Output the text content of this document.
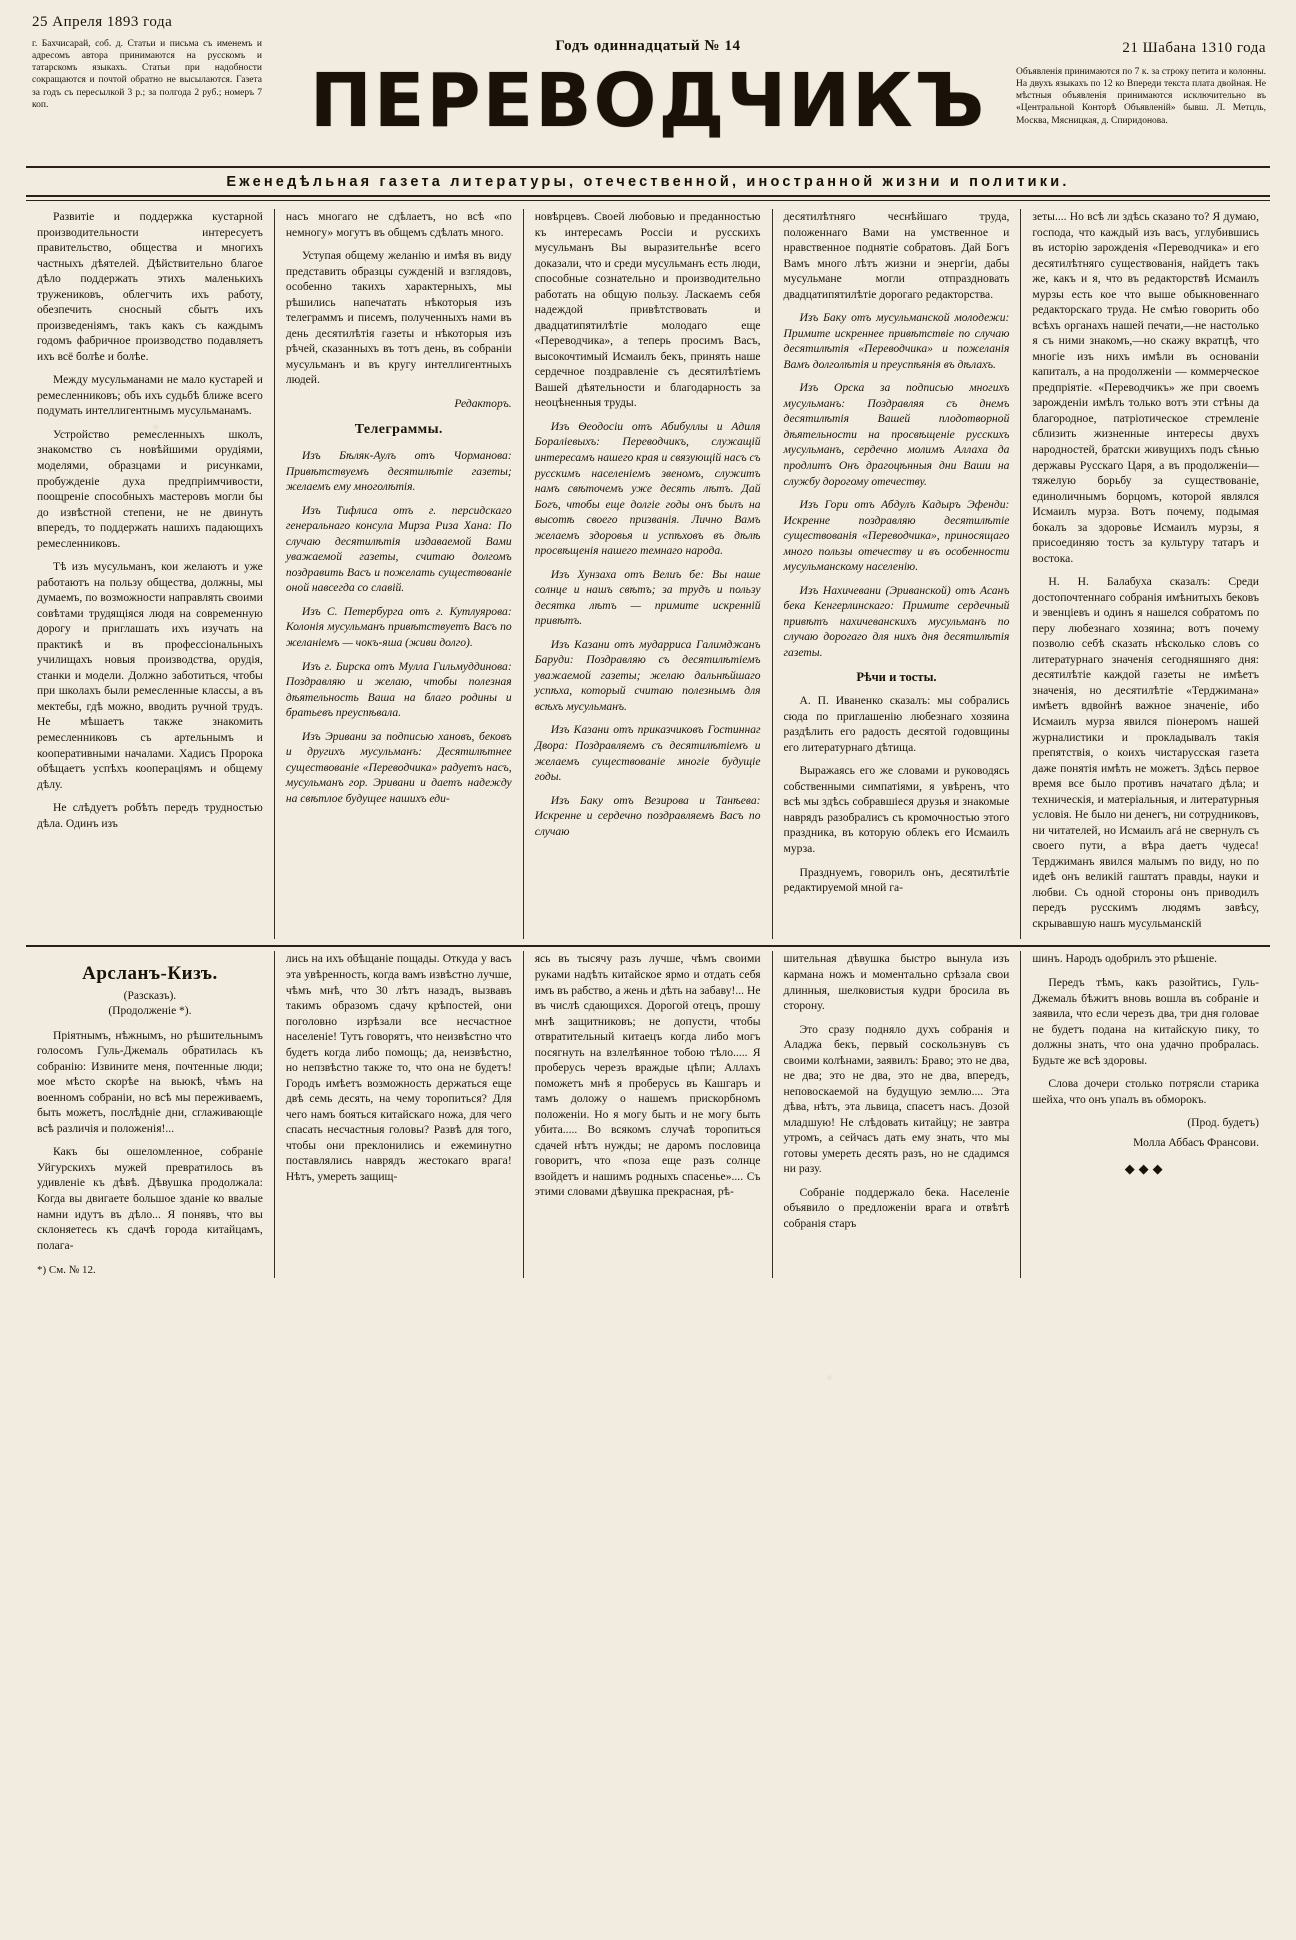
25 Апреля 1893 года
Годъ одиннадцатый № 14	21 Шабана 1310 года
г. Бахчисарай, соб. д. Статьи и письма съ именемъ и адресомъ автора принимаются на русскомъ и татарскомъ языкахъ. Статьи при надобности сокращаются и почтой обратно не высылаются. Газета за годъ съ пересылкой 3 р.; за полгода 2 руб.; номеръ 7 коп.
Объявленія принимаются по 7 к. за строку петита и колонны. На двухъ языкахъ по 12 ко Впереди текста плата двойная. Не мѣстныя объявленія принимаются исключительно въ «Центральной Конторѣ Объявленій» бывш. Л. Метцль, Москва, Мясницкая, д. Спиридонова.
ПЕРЕВОДЧИКЪ
Еженедѣльная газета литературы, отечественной, иностранной жизни и политики.

Развитіе и поддержка кустарной производительности интересуетъ правительство, общества и многихъ частныхъ дѣятелей. Дѣйствительно благое дѣло поддержать этихъ маленькихъ тружениковъ, облегчить ихъ работу, обезпечить сносный сбытъ ихъ произведеніямъ, такъ какъ съ каждымъ годомъ фабричное производство подавляетъ ихъ всё болѣе и болѣе.

Между мусульманами не мало кустарей и ремесленниковъ; объ ихъ судьбѣ ближе всего подумать интеллигентнымъ мусульманамъ.

Устройство ремесленныхъ школъ, знакомство съ новѣйшими орудіями, моделями, образцами и рисунками, пробужденіе духа предпріимчивости, поощреніе способныхъ мастеровъ могли бы до извѣстной степени, не не двинуть впередъ, то поддержать нашихъ падающихъ ремесленниковъ.

Тѣ изъ мусульманъ, кои желаютъ и уже работаютъ на пользу общества, должны, мы думаемъ, по возможности направлять своими совѣтами трудящіяся людя на современную дорогу и приглашать ихъ изучать на практикѣ и въ профессіональныхъ училищахъ новыя производства, орудія, станки и модели. Должно заботиться, чтобы при школахъ были ремесленные классы, а въ мектебы, гдѣ можно, вводить ручной трудъ. Не мѣшаетъ также знакомить ремесленниковъ съ артельнымъ и кооперативными началами. Хадисъ Пророка обѣщаетъ успѣхъ коопераціямъ и общему дѣлу.

Не слѣдуетъ робѣть передъ трудностью дѣла. Одинъ изъ

насъ многаго не сдѣлаетъ, но всѣ «по немногу» могутъ въ общемъ сдѣлать много.

Уступая общему желанію и имѣя въ виду представить образцы сужденій и взглядовъ, особенно такихъ характерныхъ, мы рѣшились напечатать нѣкоторыя изъ телеграммъ и писемъ, полученныхъ нами въ день десятилѣтія газеты и нѣкоторыя изъ рѣчей, сказанныхъ въ тотъ день, въ собраніи мусульманъ и въ кругу интеллигентныхъ людей.

Редакторъ.
Телеграммы.

Изъ Бѣляк-Аулъ отъ Чорманова: Привѣтствуемъ десятилѣтіе газеты; желаемъ ему многолѣтія.

Изъ Тифлиса отъ г. персидскаго генеральнаго консула Мирза Риза Хана: По случаю десятилѣтія издаваемой Вами уважаемой газеты, считаю долгомъ поздравить Васъ и пожелать существованіе оной навсегда со славій.

Изъ С. Петербурга отъ г. Кутлуярова: Колонія мусульманъ привѣтствуетъ Васъ по желаніемъ — чокъ-яша (живи долго).

Изъ г. Бирска отъ Мулла Гильмуддинова: Поздравляю и желаю, чтобы полезная дѣятельность Ваша на благо родины и братьевъ преуспѣвала.

Изъ Эривани за подписью хановъ, бековъ и другихъ мусульманъ: Десятилѣтнее существованіе «Переводчика» радуетъ насъ, мусульманъ гор. Эривани и даетъ надежду на свѣтлое будущее нашихъ еди-

новѣрцевъ. Своей любовью и преданностью къ интересамъ Россіи и русскихъ мусульманъ Вы выразительнѣе всего доказали, что и среди мусульманъ есть люди, способные сознательно и производительно работать на общую пользу. Ласкаемъ себя надеждой привѣтствовать и двадцатипятилѣтіе молодаго еще «Переводчика», а теперь просимъ Васъ, высокочтимый Исмаилъ бекъ, принять наше сердечное поздравленіе съ десятилѣтіемъ Вашей дѣятельности и благодарность за неоцѣненныя труды.

Изъ Ѳеодосіи отъ Абибуллы и Адиля Боралiевыхъ: Переводчикъ, служащій интересамъ нашего края и связующій насъ съ русскимъ населеніемъ звеномъ, служитъ намъ свѣточемъ уже десять лѣтъ. Дай Богъ, чтобы еще долгіе годы онъ былъ на высотѣ своего призванія. Лично Вамъ желаемъ здоровья и успѣховъ въ дѣлѣ просвѣщенія нашего темнаго народа.

Изъ Хунзаха отъ Велиъ бе: Вы наше солнце и нашъ свѣтъ; за трудъ и пользу десятка лѣтъ — примите искренній привѣтъ.

Изъ Казани отъ мударриса Галимджанъ Баруди: Поздравляю съ десятилѣтіемъ уважаемой газеты; желаю дальнѣйшаго успѣха, который считаю полезнымъ для всѣхъ мусульманъ.

Изъ Казани отъ приказчиковъ Гостиннаг Двора: Поздравляемъ съ десятилѣтіемъ и желаемъ существованіе многіе будущіе годы.

Изъ Баку отъ Везирова и Танѣева: Искренне и сердечно поздравляемъ Васъ по случаю

десятилѣтняго чеснѣйшаго труда, положеннаго Вами на умственное и нравственное поднятіе собратовъ. Дай Богъ Вамъ много лѣтъ жизни и энергіи, дабы мусульмане могли отпраздновать двадцатипятилѣтіе дорогаго редакторства.

Изъ Баку отъ мусульманской молодежи: Примите искреннее привѣтствіе по случаю десятилѣтія «Переводчика» и пожеланія Вамъ долголѣтія и преуспѣянія въ дѣлахъ.

Изъ Орска за подписью многихъ мусульманъ: Поздравляя съ днемъ десятилѣтія Вашей плодотворной дѣятельности на просвѣщеніе русскихъ мусульманъ, сердечно молимъ Аллаха да продлитъ Онъ драгоцѣнныя дни Ваши на службу дорогому отечеству.

Изъ Гори отъ Абдулъ Кадыръ Эфенди: Искренне поздравляю десятилѣтіе существованія «Переводчика», приносящаго много пользы отечеству и въ особенности мусульманскому населенію.

Изъ Нахичевани (Эриванской) отъ Асанъ бека Кенгерлинскаго: Примите сердечный привѣтъ нахичеванскихъ мусульманъ по случаю дорогаго для нихъ дня десятилѣтія газеты.

Рѣчи и тосты.

А. П. Иваненко сказалъ: мы собрались сюда по приглашенію любезнаго хозяина раздѣлить его радость десятой годовщины его литературнаго дѣтища.

Выражаясь его же словами и руководясь собственными симпатіями, я увѣренъ, что всѣ мы здѣсь собравшіеся друзья и знакомые наврядъ разобралисъ съ кромочностью этого праздника, въ которую облекъ его Исмаилъ мурза.

Празднуемъ, говорилъ онъ, десятилѣтіе редактируемой мной га-

зеты.... Но всѣ ли здѣсь сказано то? Я думаю, господа, что каждый изъ васъ, углубившись въ исторію зарожденія «Переводчика» и его десятилѣтняго существованія, найдетъ такъ же, какъ и я, что въ редакторствѣ Исмаилъ мурзы есть кое что выше обыкновеннаго редакторскаго труда. Не смѣю говорить обо всѣхъ органахъ нашей печати,—не настолько я съ ними знакомъ,—но скажу вкратцѣ, что многіе изъ нихъ имѣли въ основаніи капиталъ, а на продолженіи — коммерческое предпріятіе. «Переводчикъ» же при своемъ зарожденіи имѣлъ только вотъ эти стѣны да благородное, патріотическое стремленіе сблизить жизненные интересы двухъ народностей, братски живущихъ подъ сѣнью державы Русскаго Царя, а въ продолженіи—тяжелую борьбу за существованіе, единоличнымъ борцомъ, которой являлся Исмаилъ мурза. Вотъ почему, подымая бокалъ за здоровье Исмаилъ мурзы, я присоединяю тостъ за культуру татаръ и востока.

Н. Н. Балабуха сказалъ: Среди достопочтеннаго собранія имѣнитыхъ бековъ и эвенціевъ и одинъ я нашелся собратомъ по перу любезнаго хозяина; вотъ почему позволю себѣ сказать нѣсколько словъ со литературнаго значенія сегодняшняго дня: десятилѣтіе каждой газеты не имѣетъ значенія, но десятилѣтіе «Терджимана» имѣетъ вдвойнѣ важное значеніе, ибо Исмаилъ мурза явился піонеромъ нашей журналистики и прокладывалъ такія препятствія, о коихъ чистарусская газета даже понятія имѣть не можетъ. Здѣсь первое время все было противъ начатаго дѣла; и техническія, и матеріальныя, и литературныя условія. Не было ни денегъ, ни сотрудниковъ, ни читателей, но Исмаилъ агá не свернулъ съ своего пути, а вѣра даетъ чудеса! Терджиманъ явился малымъ по виду, но по идеѣ онъ великій гаштатъ правды, науки и любви. Съ одной стороны онъ приводилъ передъ русскимъ людямъ завѣсу, скрывавшую нашъ мусульманскій

Арсланъ-Кизъ.
(Разсказъ).
(Продолженіе *).

Пріятнымъ, нѣжнымъ, но рѣшительнымъ голосомъ Гуль-Джемаль обратилась къ собранію: Извините меня, почтенные люди; мое мѣсто скорѣе на вьюкѣ, чѣмъ на военномъ собраніи, но всѣ мы переживаемъ, быть можетъ, послѣдніе дни, сглаживающіе всѣ различія и положенія!...

Какъ бы ошеломленное, собраніе Уйгурскихъ мужей превратилось въ удивленіе къ дѣвѣ. Дѣвушка продолжала: Когда вы двигаете большое зданіе ко ввалые намни идутъ въ дѣло... Я понявъ, что вы склоняетесь къ сдачѣ города китайцамъ, полага-

*) См. № 12.

лись на ихъ обѣщаніе пощады. Откуда у васъ эта увѣренность, когда вамъ извѣстно лучше, чѣмъ мнѣ, что 30 лѣтъ назадъ, вызвавъ такимъ образомъ сдачу крѣпостей, они поголовно изрѣзали все несчастное населеніе! Тутъ говорятъ, что неизвѣстно что будетъ когда либо помощь; да, неизвѣстно, но непзвѣстно также то, что она не будетъ! Городъ имѣетъ возможность держаться еще двѣ семь десять, на чему торопиться? Для чего намъ бояться китайскаго ножа, для чего спасать несчастныя головы? Развѣ для того, чтобы они преклонились и ежеминутно поставлялись наврядъ жестокаго врага! Нѣтъ, умереть защищ-

ясь въ тысячу разъ лучше, чѣмъ своими руками надѣть китайское ярмо и отдать себя имъ въ рабство, а жень и дѣть на забаву!... Не въ числѣ сдающихся. Дорогой отецъ, прошу мнѣ защитниковъ; не допусти, чтобы отвратительный китаецъ когда либо могъ посягнуть на взлелѣянное тобою тѣло..... Я проберусь черезъ враждые цѣпи; Аллахъ поможетъ мнѣ я проберусь въ Кашгаръ и тамъ доложу о нашемъ прискорбномъ положеніи. Но я могу быть и не могу быть убита..... Во всякомъ случаѣ торопиться сдачей нѣтъ нужды; не даромъ пословица говоритъ, что «поза еще разъ солнце взойдетъ и нашимъ родныхъ спасенье».... Съ этими словами дѣвушка прекрасная, рѣ-

шительная дѣвушка быстро вынула изъ кармана ножъ и моментально срѣзала свои длинныя, шелковистыя кудри бросила въ сторону.

Это сразу подняло духъ собранія и Аладжа бекъ, первый соскользнувъ съ своими колѣнами, заявилъ: Браво; это не два, не два; это не два, это не два, впередъ, неповоскаемой на будущую землю.... Эта дѣва, нѣтъ, эта львица, спасетъ насъ. Дозой младшую! Не слѣдовать китайцу; не завтра утромъ, а сейчасъ дать ему знать, что мы готовы умереть десять разъ, но не сдадимся ни разу.

Собраніе поддержало бека. Населеніе объявило о предложеніи врага и отвѣтѣ собранія старъ

шинъ. Народъ одобрилъ это рѣшеніе.

Передъ тѣмъ, какъ разойтись, Гуль-Джемаль бѣжитъ вновь вошла въ собраніе и заявила, что если черезъ два, три дня головае не будетъ подана на китайскую пику, то должны знать, что она удачно пробралась. Будьте же всѣ здоровы.

Слова дочери столько потрясли старика шейха, что онъ упалъ въ обморокъ.

(Прод. будетъ)
Молла Аббасъ Франсови.
◆◆◆
